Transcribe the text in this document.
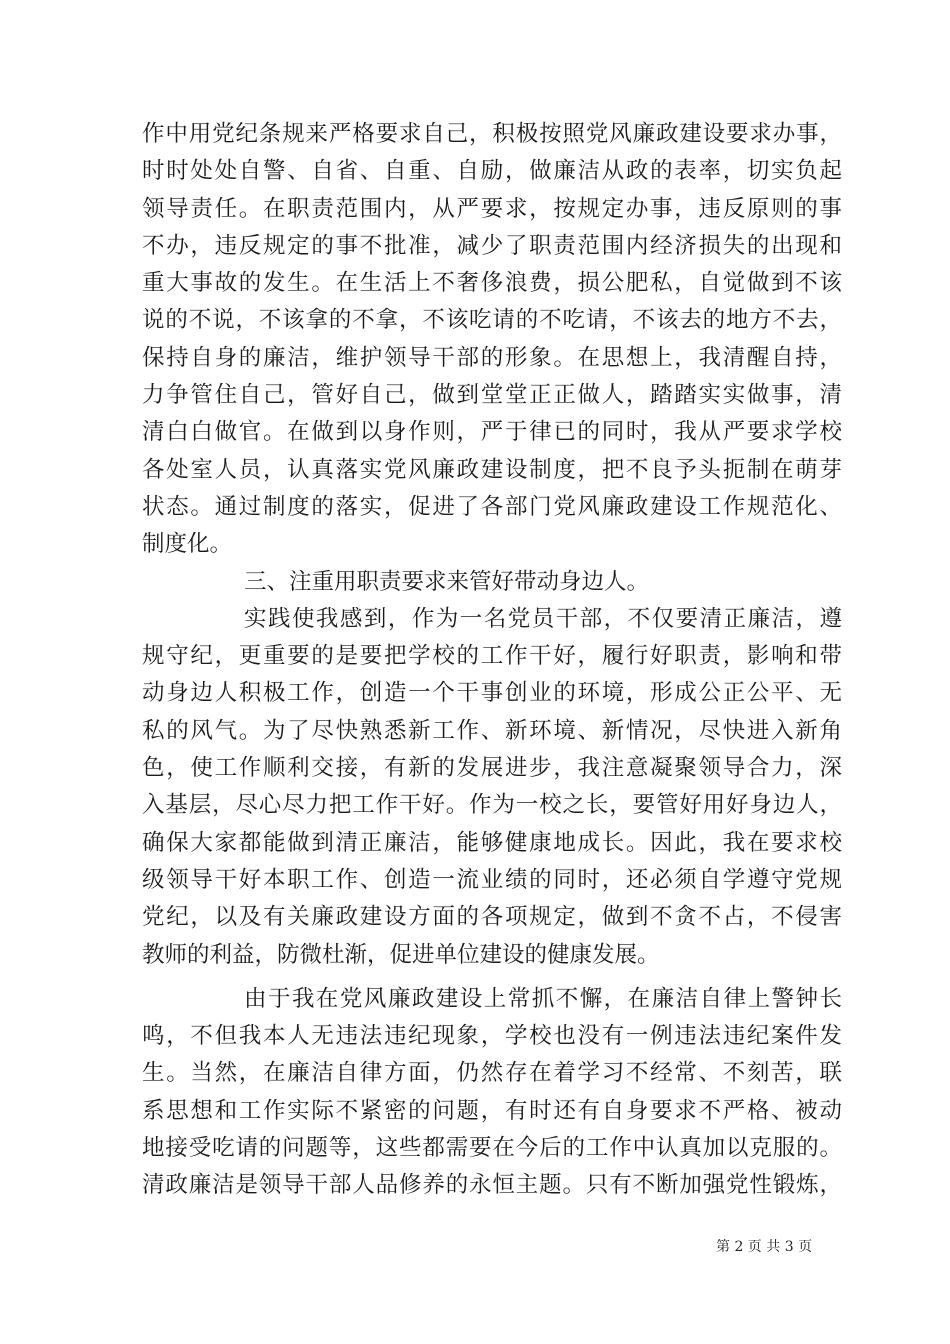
作中用党纪条规来严格要求自己，积极按照党风廉政建设要求办事，
时时处处自警、自省、自重、自励，做廉洁从政的表率，切实负起
领导责任。在职责范围内，从严要求，按规定办事，违反原则的事
不办，违反规定的事不批准，减少了职责范围内经济损失的出现和
重大事故的发生。在生活上不奢侈浪费，损公肥私，自觉做到不该
说的不说，不该拿的不拿，不该吃请的不吃请，不该去的地方不去，
保持自身的廉洁，维护领导干部的形象。在思想上，我清醒自持，
力争管住自己，管好自己，做到堂堂正正做人，踏踏实实做事，清
清白白做官。在做到以身作则，严于律已的同时，我从严要求学校
各处室人员，认真落实党风廉政建设制度，把不良予头扼制在萌芽
状态。通过制度的落实，促进了各部门党风廉政建设工作规范化、
制度化。
三、注重用职责要求来管好带动身边人。
实践使我感到，作为一名党员干部，不仅要清正廉洁，遵
规守纪，更重要的是要把学校的工作干好，履行好职责，影响和带
动身边人积极工作，创造一个干事创业的环境，形成公正公平、无
私的风气。为了尽快熟悉新工作、新环境、新情况，尽快进入新角
色，使工作顺利交接，有新的发展进步，我注意凝聚领导合力，深
入基层，尽心尽力把工作干好。作为一校之长，要管好用好身边人，
确保大家都能做到清正廉洁，能够健康地成长。因此，我在要求校
级领导干好本职工作、创造一流业绩的同时，还必须自学遵守党规
党纪，以及有关廉政建设方面的各项规定，做到不贪不占，不侵害
教师的利益，防微杜渐，促进单位建设的健康发展。
由于我在党风廉政建设上常抓不懈，在廉洁自律上警钟长
鸣，不但我本人无违法违纪现象，学校也没有一例违法违纪案件发
生。当然，在廉洁自律方面，仍然存在着学习不经常、不刻苦，联
系思想和工作实际不紧密的问题，有时还有自身要求不严格、被动
地接受吃请的问题等，这些都需要在今后的工作中认真加以克服的。
清政廉洁是领导干部人品修养的永恒主题。只有不断加强党性锻炼，
第 2 页 共 3 页
